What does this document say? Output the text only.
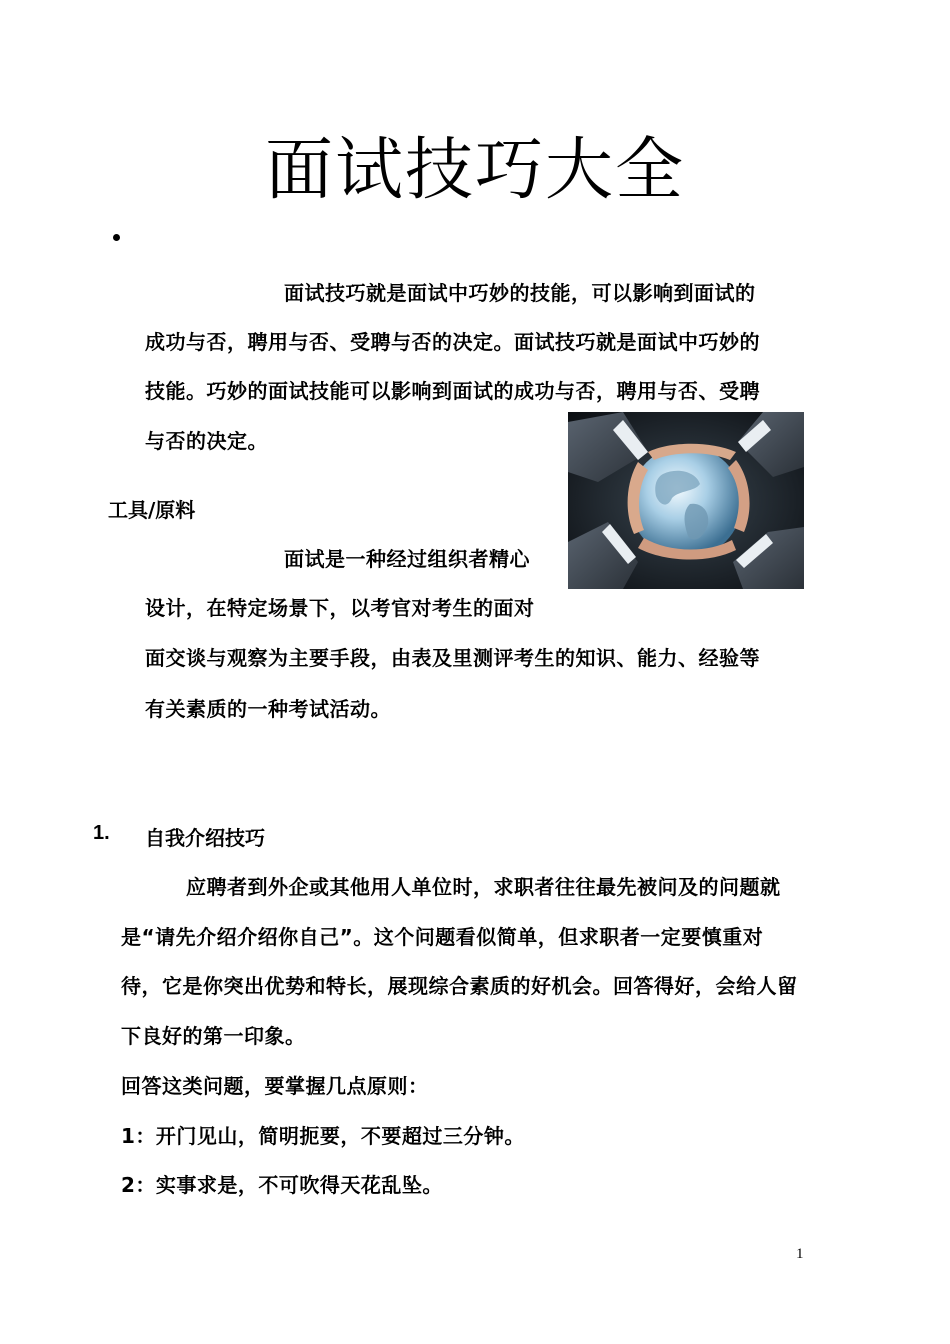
面试技巧大全
面试技巧就是面试中巧妙的技能，可以影响到面试的
成功与否，聘用与否、受聘与否的决定。面试技巧就是面试中巧妙的
技能。巧妙的面试技能可以影响到面试的成功与否，聘用与否、受聘
与否的决定。
工具/原料
面试是一种经过组织者精心
设计，在特定场景下，以考官对考生的面对
面交谈与观察为主要手段，由表及里测评考生的知识、能力、经验等
有关素质的一种考试活动。
1. 自我介绍技巧
应聘者到外企或其他用人单位时，求职者往往最先被问及的问题就
是“请先介绍介绍你自己”。这个问题看似简单，但求职者一定要慎重对
待，它是你突出优势和特长，展现综合素质的好机会。回答得好，会给人留
下良好的第一印象。
回答这类问题，要掌握几点原则：
1：开门见山，简明扼要，不要超过三分钟。
2：实事求是，不可吹得天花乱坠。
1
